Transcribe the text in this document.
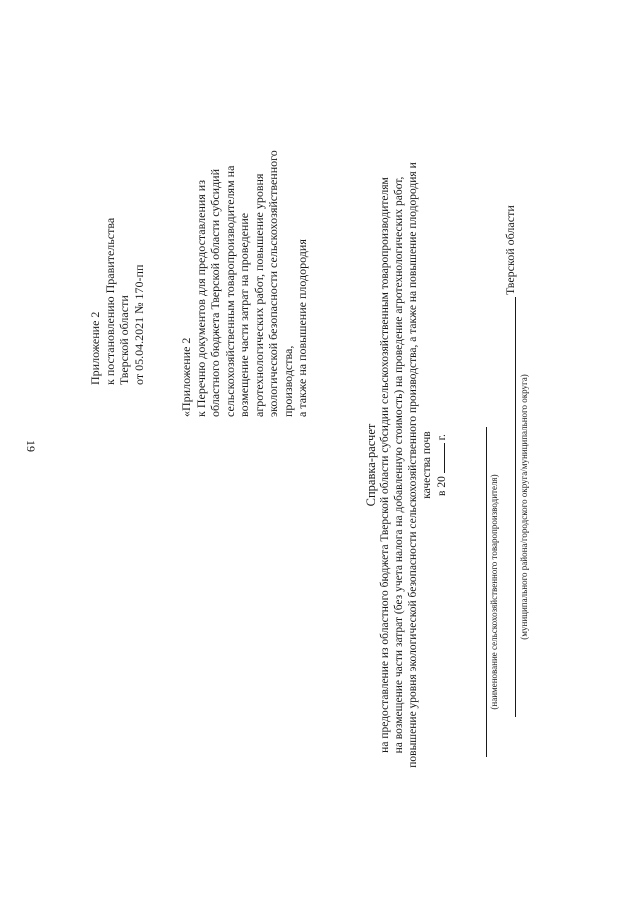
19
Приложение 2 к постановлению Правительства Тверской области от 05.04.2021 № 170-пп	«Приложение 2 к Перечню документов для предоставления из областного бюджета Тверской области субсидий сельскохозяйственным товаропроизводителям на возмещение части затрат на проведение агротехнологических работ, повышение уровня экологической безопасности сельскохозяйственного производства, а также на повышение плодородия
Справка-расчет на предоставление из областного бюджета Тверской области субсидии сельскохозяйственным товаропроизводителям на возмещение части затрат (без учета налога на добавленную стоимость) на проведение агротехнологических работ, повышение уровня экологической безопасности сельскохозяйственного производства, а также на повышение плодородия и качества почв в 20  г.
(наименование сельскохозяйственного товаропроизводителя)
Тверской области
(муниципального района/городского округа/муниципального округа)
